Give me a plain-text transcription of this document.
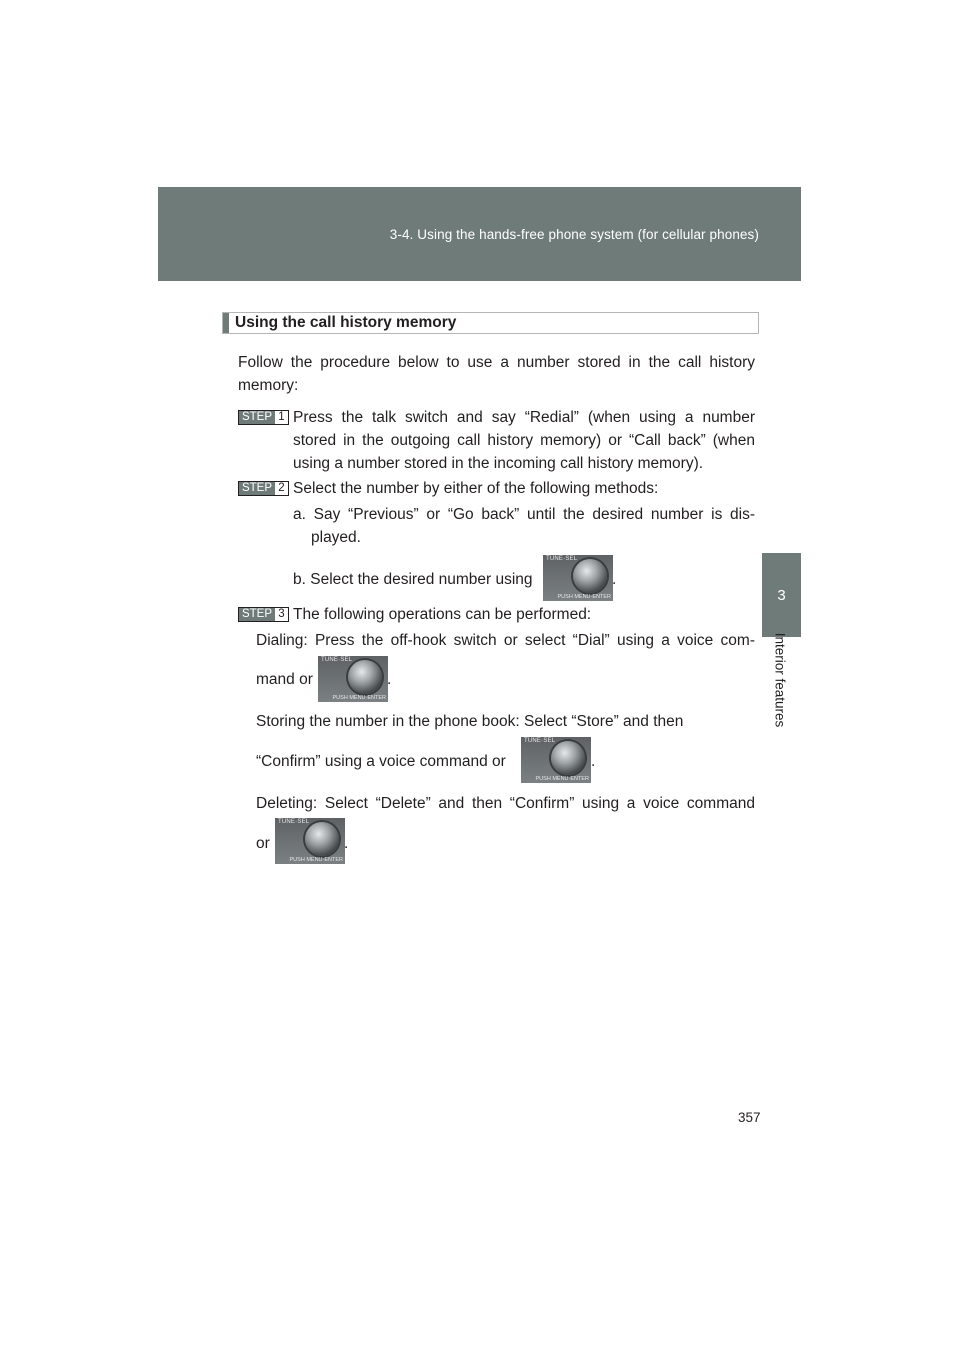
3-4. Using the hands-free phone system (for cellular phones)
3
Interior features
Using the call history memory
Follow the procedure below to use a number stored in the call history
memory:
STEP 1 Press the talk switch and say “Redial” (when using a number stored in the outgoing call history memory) or “Call back” (when using a number stored in the incoming call history memory).
STEP 2 Select the number by either of the following methods:
a. Say “Previous” or “Go back” until the desired number is dis-
played.
b. Select the desired number using
TUNE·SEL
PUSH MENU·ENTER
.
STEP 3 The following operations can be performed:
Dialing: Press the off-hook switch or select “Dial” using a voice com-
mand or
TUNE·SEL
PUSH MENU·ENTER
.
Storing the number in the phone book: Select “Store” and then
“Confirm” using a voice command or
TUNE·SEL
PUSH MENU·ENTER
.
Deleting: Select “Delete” and then “Confirm” using a voice command
or
TUNE·SEL
PUSH MENU·ENTER
.
357
